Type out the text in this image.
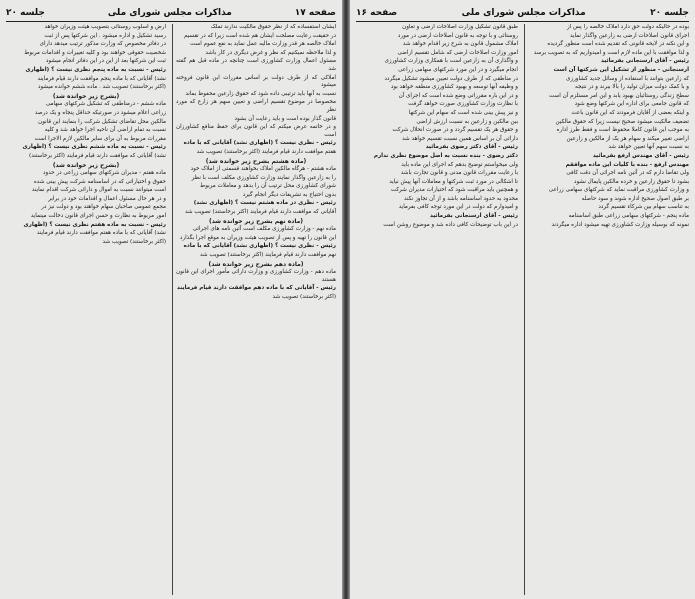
صفحه ۱۷
مذاکرات مجلس شورای ملی
جلسه ۲۰

ایشان استفساده که از نظر حقوق مالکیت ندارند تملک

در حقیقت رعایت مصلحت ایشان هم شده است زیرا که در تقسیم

املاک خالصه هر قدر وزارت مالیه عمل نماید به نفع عموم است

و لذا ملاحظه نمیکنیم که نظر و غرض دیگری در کار باشد

مسئول اعمال وزارت کشاورزی است چنانچه در ماده قبل هم گفته شد

املاکی که از طرف دولت بر اساس مقررات این قانون فروخته میشود

نسبت به آنها باید ترتیبی داده شود که حقوق زارعین محفوظ بماند

مخصوصا در موضوع تقسیم اراضی و تعیین سهم هر زارع که مورد نظر

قانون گذار بوده است و باید رعایت آن بشود

و در خاتمه عرض میکنم که این قانون برای حفظ منافع کشاورزان است

رئیس - نظری نیست ؟ (اظهاری نشد) آقایانی که با ماده

هفتم موافقت دارند قیام فرمایند (اکثر برخاستند) تصویب شد

(ماده هشتم بشرح زیر خوانده شد)

ماده هشتم - هرگاه مالکین املاک بخواهند قسمتی از املاک خود

را به زارعین واگذار نمایند وزارت کشاورزی مکلف است با نظر

شورای کشاورزی محل ترتیب آن را بدهد و معاملات مربوط

بدون احتیاج به تشریفات دیگر انجام گیرد

رئیس - نظری در ماده هشتم نیست ؟ (اظهاری نشد)

آقایانی که موافقت دارند قیام فرمایند (اکثر برخاستند) تصویب شد

(ماده نهم بشرح زیر خوانده شد)

ماده نهم - وزارت کشاورزی مکلف است آئین نامه های اجرائی

این قانون را تهیه و پس از تصویب هیئت وزیران به موقع اجرا بگذارد

رئیس - نظری نیست ؟ (اظهاری نشد) آقایانی که با ماده

نهم موافقت دارند قیام فرمایند (اکثر برخاستند) تصویب شد

(ماده دهم بشرح زیر خوانده شد)

ماده دهم - وزارت کشاورزی و وزارت دارائی مأمور اجرای این قانون هستند

رئیس - آقایانی که با ماده دهم موافقت دارند قیام فرمایند

(اکثر برخاستند) تصویب شد

ارض و اسلوب روستائی بتصویب هیئت وزیران خواهد

رسید تشکیل و اداره میشود . این شرکتها پس از ثبت

در دفاتر مخصوص که وزارت مذکور ترتیب میدهد دارای

شخصیت حقوقی خواهند بود و کلیه تغییرات و اقدامات مربوط

ثبت این شرکتها بعد از این در این دفاتر انجام میشود

رئیس - نسبت به ماده پنجم نظری نیست ؟ (اظهاری

نشد) آقایانی که با ماده پنجم موافقت دارند قیام فرمایند

(اکثر برخاستند) تصویب شد . ماده ششم خوانده میشود

(بشرح زیر خوانده شد)

ماده ششم - درمناطقی که تشکیل شرکتهای سهامی

زراعی اعلام میشود در صورتیکه حداقل پنجاه و یک درصد

مالکین محل تقاضای تشکیل شرکت را بنمایند این قانون

نسبت به تمام اراضی آن ناحیه اجرا خواهد شد و کلیه

مقررات مربوط به آن برای سایر مالکین لازم الاجرا است

رئیس - نسبت به ماده ششم نظری نیست ؟ (اظهاری

نشد) آقایانی که موافقت دارند قیام فرمایند (اکثر برخاستند)

(بشرح زیر خوانده شد)

ماده هفتم - مدیران شرکتهای سهامی زراعی در حدود

حقوق و اختیاراتی که در اساسنامه شرکت پیش بینی شده

است میتوانند نسبت به اموال و دارائی شرکت اقدام نمایند

و در هر حال مسئول اعمال و اقدامات خود در برابر

مجمع عمومی صاحبان سهام خواهند بود و دولت نیز در

امور مربوط به نظارت و حسن اجرای قانون دخالت مینماید

رئیس - نسبت به ماده هفتم نظری نیست ؟ (اظهاری

نشد) آقایانی که با ماده هفتم موافقت دارند قیام فرمایند

(اکثر برخاستند) تصویب شد

جلسه ۲۰
مذاکرات مجلس شورای ملی
صفحه ۱۶

بوده در حالیکه دولت حق دارد املاک خالصه را پس از

اجرای قانون اصلاحات ارضی به زارعین واگذار نماید

و این نکته در لایحه قانونی که تقدیم شده است منظور گردیده

و لذا موافقت با این ماده لازم است و امیدواریم که به تصویب برسد

رئیس - آقای ارسنجانی بفرمائید

ارسنجانی - منظور از تشکیل این شرکتها آن است

که زارعین بتوانند با استفاده از وسائل جدید کشاورزی

و با کمک دولت میزان تولید را بالا ببرند و در نتیجه

سطح زندگی روستائیان بهبود یابد و این امر مستلزم آن است

که قانون جامعی برای اداره این شرکتها وضع شود

و اینکه بعضی از آقایان فرمودند که این قانون باعث

تضعیف مالکیت میشود صحیح نیست زیرا که حقوق مالکین

به موجب این قانون کاملا محفوظ است و فقط طرز اداره

اراضی تغییر میکند و سهام هر یک از مالکین و زارعین

به نسبت سهم آنها تعیین خواهد شد

رئیس - آقای مهندس ارفع بفرمائید

مهندس ارفع - بنده با کلیات این ماده موافقم

ولی تقاضا دارم که در آئین نامه اجرائی آن دقت کافی

بشود تا حقوق زارعین و خرده مالکین پایمال نشود

و وزارت کشاورزی مراقبت نماید که شرکتهای سهامی زراعی

بر طبق اصول صحیح اداره شوند و سود حاصله

به تناسب سهام بین شرکاء تقسیم گردد

ماده پنجم - شرکتهای سهامی زراعی طبق اساسنامه

نمونه که بوسیله وزارت کشاورزی تهیه میشود اداره میگردند

طبق قانون تشکیل وزارت اصلاحات ارضی و تعاون

روستائی و با توجه به قانون اصلاحات ارضی در مورد

املاک مشمول قانون به شرح زیر اقدام خواهد شد

امور وزارت اصلاحات ارضی که شامل تقسیم اراضی

و واگذاری آن به زارعین است با همکاری وزارت کشاورزی

انجام میگیرد و در این مورد شرکتهای سهامی زراعی

در مناطقی که از طرف دولت تعیین میشود تشکیل میگردد

و وظیفه آنها توسعه و بهبود کشاورزی منطقه خواهد بود

و در این باره مقرراتی وضع شده است که اجرای آن

با نظارت وزارت کشاورزی صورت خواهد گرفت

و نیز پیش بینی شده است که سهام این شرکتها

بین مالکین و زارعین به نسبت ارزش اراضی

و حقوق هر یک تقسیم گردد و در صورت انحلال شرکت

دارائی آن بر اساس همین نسبت تقسیم خواهد شد

رئیس - آقای دکتر رضوی بفرمائید

دکتر رضوی - بنده نسبت به اصل موضوع نظری ندارم

ولی میخواستم توضیح بدهم که اجرای این ماده باید

با رعایت مقررات قانون مدنی و قانون تجارت باشد

تا اشکالی در مورد ثبت شرکتها و معاملات آنها پیش نیاید

و همچنین باید مراقبت شود که اختیارات مدیران شرکت

محدود به حدود اساسنامه باشد و از آن تجاوز نکند

و امیدوارم که دولت در این مورد توجه کافی بفرماید

رئیس - آقای ارسنجانی بفرمائید

در این باب توضیحات کافی داده شد و موضوع روشن است
